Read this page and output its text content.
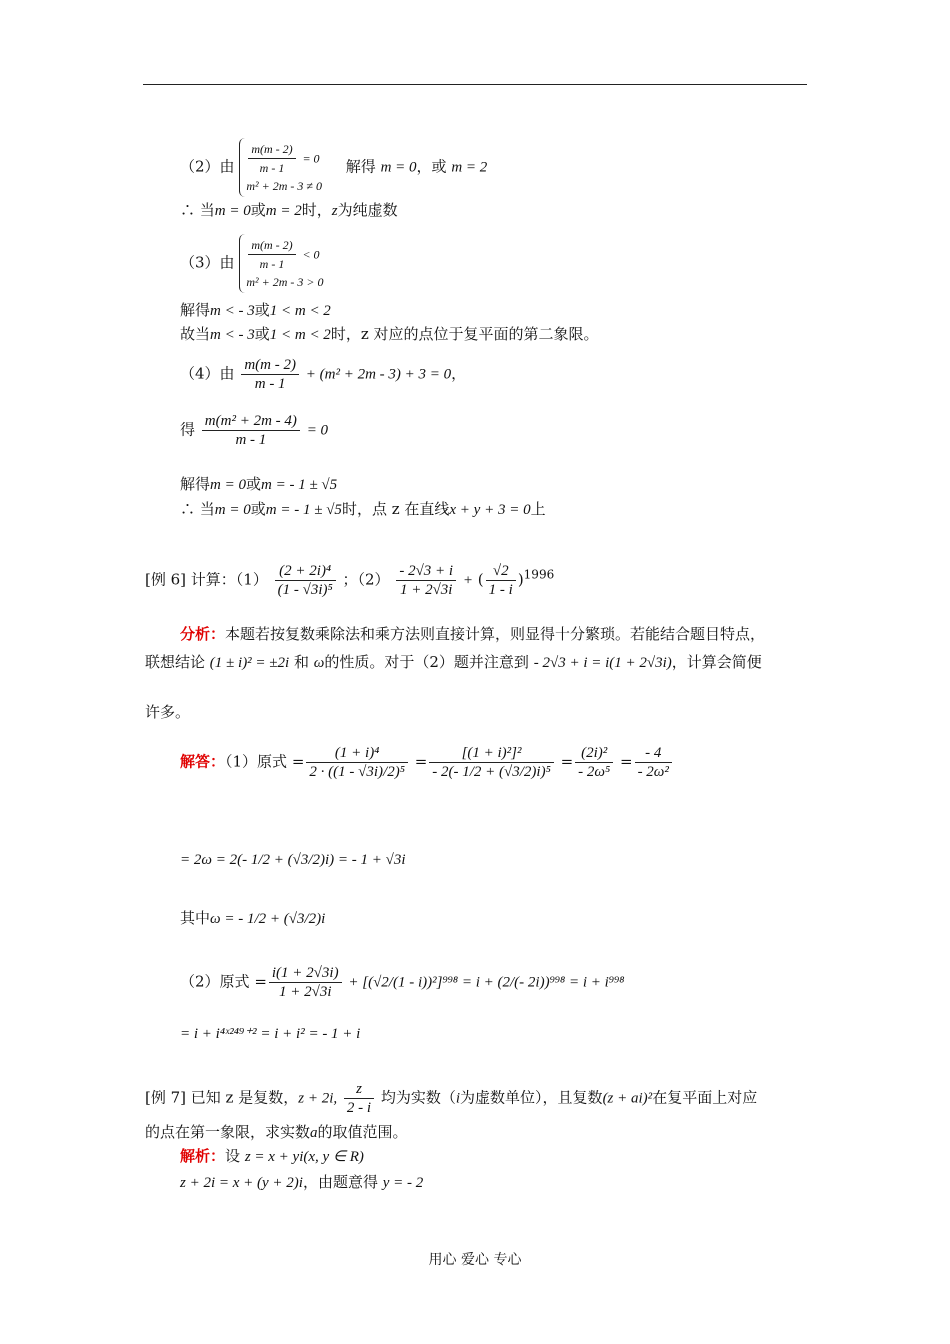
（2）由 $\frac{m(m - 2)}{m - 1} = 0$
m² + 2m - 3 ≠ 0
解得 m = 0，或 m = 2
∴ 当m = 0或m = 2时，z为纯虚数
（3）由 $\frac{m(m - 2)}{m - 1} < 0$
m² + 2m - 3 > 0
解得m < - 3或1 < m < 2
故当m < - 3或1 < m < 2时，z 对应的点位于复平面的第二象限。
（4）由 $\frac{m(m - 2)}{m - 1} + (m^2 + 2m - 3) + 3 = 0$，
得 $\frac{\text{m(m² + 2m - 4)}}{m - 1} = 0$
解得m = 0或m = - 1 ± √5
∴ 当m = 0或m = - 1 ± √5时，点 z 在直线x + y + 3 = 0上
[例 6] 计算：$(1) \frac{\text{(2 + 2i)⁴}}{\text{(1 - √3i)⁵}}$ ；$(2) \frac{- 2√3 + i}{1 + 2√3i}$ + ( $\frac{√2}{1 - i} )^{1996}$
分析：本题若按复数乘除法和乘方法则直接计算，则显得十分繁琐。若能结合题目特点，
联想结论 (1 ± i)² = ±2i 和 ω的性质。对于（2）题并注意到 - 2√3 + i = i(1 + 2√3i)，计算会简便
许多。
解答：（1）原式 = $\frac{\text{(1 + i)⁴}}{\text{2 · ((1 - √3i)/2)⁵}} = \frac{\text{[(1 + i)²]²}}{\text{- 2(- 1/2 + (√3/2)i)⁵}} = \frac{\text{(2i)²}}{\text{- 2ω⁵}} = \frac{- 4}{\text{- 2ω²}}$
= 2ω = 2(- 1/2 + (√3/2)i) = - 1 + √3i
其中ω = - 1/2 + (√3/2)i
（2）原式 = $\frac{i(1 + 2√3i)}{1 + 2√3i} + [(√2/(1 - i))^2]^{998} = i + (2/(-$ 2i))⁹⁹⁸ = i + i⁹⁹⁸
= i + i⁴ˣ²⁴⁹⁺² = i + i² = - 1 + i
[例 7] 已知 z 是复数，z + 2i, $\frac{z}{2 - i}$ 均为实数（i为虚数单位），且复数(z + ai)²在复平面上对应
的点在第一象限，求实数a的取值范围。
解析：设 z = x + yi(x, y ∈ R)
z + 2i = x + (y + 2)i，由题意得 y = - 2
用心 爱心 专心
